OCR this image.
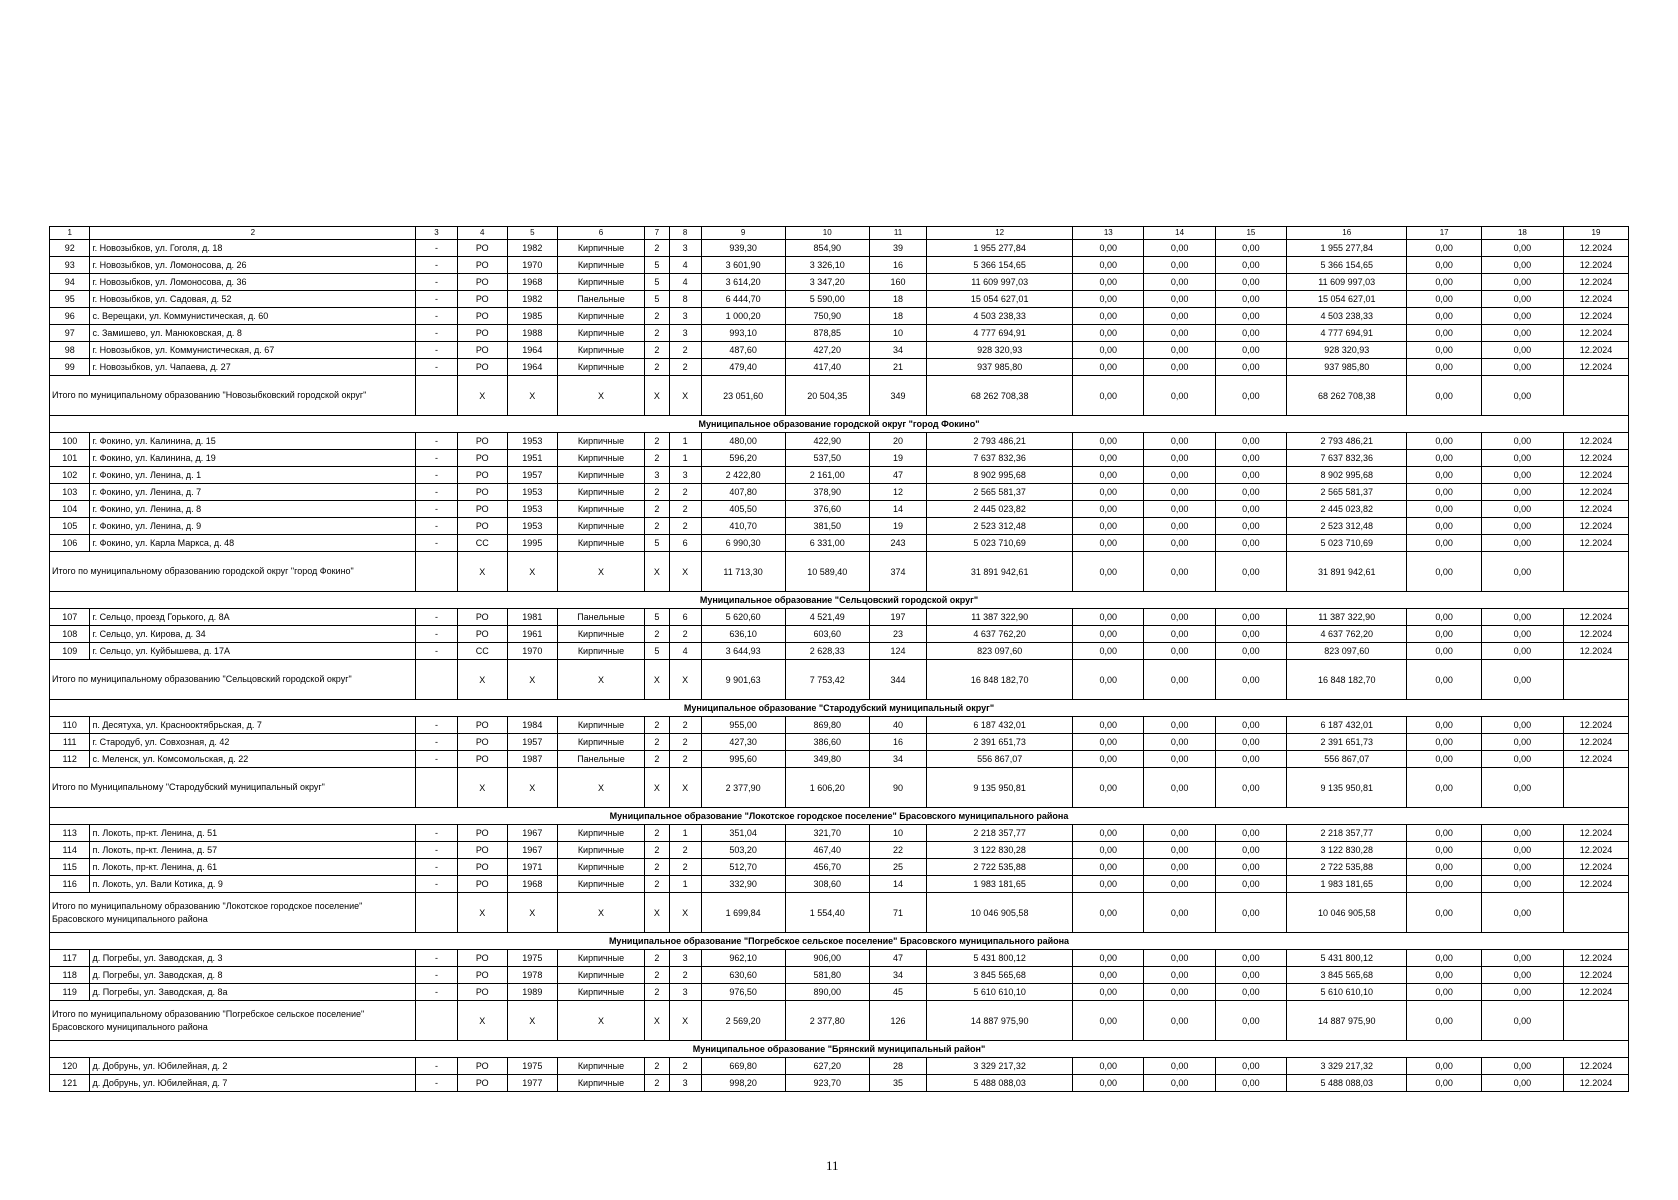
1	2	3	4	5	6	7	8	9	10	11	12	13	14	15	16	17	18	19
92	г. Новозыбков, ул. Гоголя, д. 18	-	РО	1982	Кирпичные	2	3	939,30	854,90	39	1 955 277,84	0,00	0,00	0,00	1 955 277,84	0,00	0,00	12.2024
93	г. Новозыбков, ул. Ломоносова, д. 26	-	РО	1970	Кирпичные	5	4	3 601,90	3 326,10	16	5 366 154,65	0,00	0,00	0,00	5 366 154,65	0,00	0,00	12.2024
94	г. Новозыбков, ул. Ломоносова, д. 36	-	РО	1968	Кирпичные	5	4	3 614,20	3 347,20	160	11 609 997,03	0,00	0,00	0,00	11 609 997,03	0,00	0,00	12.2024
95	г. Новозыбков, ул. Садовая, д. 52	-	РО	1982	Панельные	5	8	6 444,70	5 590,00	18	15 054 627,01	0,00	0,00	0,00	15 054 627,01	0,00	0,00	12.2024
96	с. Верещаки, ул. Коммунистическая, д. 60	-	РО	1985	Кирпичные	2	3	1 000,20	750,90	18	4 503 238,33	0,00	0,00	0,00	4 503 238,33	0,00	0,00	12.2024
97	с. Замишево, ул. Манюковская, д. 8	-	РО	1988	Кирпичные	2	3	993,10	878,85	10	4 777 694,91	0,00	0,00	0,00	4 777 694,91	0,00	0,00	12.2024
98	г. Новозыбков, ул. Коммунистическая, д. 67	-	РО	1964	Кирпичные	2	2	487,60	427,20	34	928 320,93	0,00	0,00	0,00	928 320,93	0,00	0,00	12.2024
99	г. Новозыбков, ул. Чапаева, д. 27	-	РО	1964	Кирпичные	2	2	479,40	417,40	21	937 985,80	0,00	0,00	0,00	937 985,80	0,00	0,00	12.2024
Итого по муниципальному образованию "Новозыбковский городской округ"			X	X	X	X	X	23 051,60	20 504,35	349	68 262 708,38	0,00	0,00	0,00	68 262 708,38	0,00	0,00	
Муниципальное образование городской округ "город Фокино"																		
100	г. Фокино, ул. Калинина, д. 15	-	РО	1953	Кирпичные	2	1	480,00	422,90	20	2 793 486,21	0,00	0,00	0,00	2 793 486,21	0,00	0,00	12.2024
101	г. Фокино, ул. Калинина, д. 19	-	РО	1951	Кирпичные	2	1	596,20	537,50	19	7 637 832,36	0,00	0,00	0,00	7 637 832,36	0,00	0,00	12.2024
102	г. Фокино, ул. Ленина, д. 1	-	РО	1957	Кирпичные	3	3	2 422,80	2 161,00	47	8 902 995,68	0,00	0,00	0,00	8 902 995,68	0,00	0,00	12.2024
103	г. Фокино, ул. Ленина, д. 7	-	РО	1953	Кирпичные	2	2	407,80	378,90	12	2 565 581,37	0,00	0,00	0,00	2 565 581,37	0,00	0,00	12.2024
104	г. Фокино, ул. Ленина, д. 8	-	РО	1953	Кирпичные	2	2	405,50	376,60	14	2 445 023,82	0,00	0,00	0,00	2 445 023,82	0,00	0,00	12.2024
105	г. Фокино, ул. Ленина, д. 9	-	РО	1953	Кирпичные	2	2	410,70	381,50	19	2 523 312,48	0,00	0,00	0,00	2 523 312,48	0,00	0,00	12.2024
106	г. Фокино, ул. Карла Маркса, д. 48	-	СС	1995	Кирпичные	5	6	6 990,30	6 331,00	243	5 023 710,69	0,00	0,00	0,00	5 023 710,69	0,00	0,00	12.2024
Итого по муниципальному образованию городской округ "город Фокино"			X	X	X	X	X	11 713,30	10 589,40	374	31 891 942,61	0,00	0,00	0,00	31 891 942,61	0,00	0,00	
Муниципальное образование "Сельцовский городской округ"																		
107	г. Сельцо, проезд Горького, д. 8А	-	РО	1981	Панельные	5	6	5 620,60	4 521,49	197	11 387 322,90	0,00	0,00	0,00	11 387 322,90	0,00	0,00	12.2024
108	г. Сельцо, ул. Кирова, д. 34	-	РО	1961	Кирпичные	2	2	636,10	603,60	23	4 637 762,20	0,00	0,00	0,00	4 637 762,20	0,00	0,00	12.2024
109	г. Сельцо, ул. Куйбышева, д. 17А	-	СС	1970	Кирпичные	5	4	3 644,93	2 628,33	124	823 097,60	0,00	0,00	0,00	823 097,60	0,00	0,00	12.2024
Итого по муниципальному образованию "Сельцовский городской округ"			X	X	X	X	X	9 901,63	7 753,42	344	16 848 182,70	0,00	0,00	0,00	16 848 182,70	0,00	0,00	
Муниципальное образование "Стародубский муниципальный округ"																		
110	п. Десятуха, ул. Красноoктябрьская, д. 7	-	РО	1984	Кирпичные	2	2	955,00	869,80	40	6 187 432,01	0,00	0,00	0,00	6 187 432,01	0,00	0,00	12.2024
111	г. Стародуб, ул. Совхозная, д. 42	-	РО	1957	Кирпичные	2	2	427,30	386,60	16	2 391 651,73	0,00	0,00	0,00	2 391 651,73	0,00	0,00	12.2024
112	с. Меленск, ул. Комсомольская, д. 22	-	РО	1987	Панельные	2	2	995,60	349,80	34	556 867,07	0,00	0,00	0,00	556 867,07	0,00	0,00	12.2024
Итого по Муниципальному "Стародубский муниципальный округ"			X	X	X	X	X	2 377,90	1 606,20	90	9 135 950,81	0,00	0,00	0,00	9 135 950,81	0,00	0,00	
Муниципальное образование "Локотское городское поселение" Брасовского муниципального района																		
113	п. Локоть, пр-кт. Ленина, д. 51	-	РО	1967	Кирпичные	2	1	351,04	321,70	10	2 218 357,77	0,00	0,00	0,00	2 218 357,77	0,00	0,00	12.2024
114	п. Локоть, пр-кт. Ленина, д. 57	-	РО	1967	Кирпичные	2	2	503,20	467,40	22	3 122 830,28	0,00	0,00	0,00	3 122 830,28	0,00	0,00	12.2024
115	п. Локоть, пр-кт. Ленина, д. 61	-	РО	1971	Кирпичные	2	2	512,70	456,70	25	2 722 535,88	0,00	0,00	0,00	2 722 535,88	0,00	0,00	12.2024
116	п. Локоть, ул. Вали Котика, д. 9	-	РО	1968	Кирпичные	2	1	332,90	308,60	14	1 983 181,65	0,00	0,00	0,00	1 983 181,65	0,00	0,00	12.2024
Итого по муниципальному образованию "Локотское городское поселение" Брасовского муниципального района			X	X	X	X	X	1 699,84	1 554,40	71	10 046 905,58	0,00	0,00	0,00	10 046 905,58	0,00	0,00	
Муниципальное образование "Погребское сельское поселение" Брасовского муниципального района																		
117	д. Погребы, ул. Заводская, д. 3	-	РО	1975	Кирпичные	2	3	962,10	906,00	47	5 431 800,12	0,00	0,00	0,00	5 431 800,12	0,00	0,00	12.2024
118	д. Погребы, ул. Заводская, д. 8	-	РО	1978	Кирпичные	2	2	630,60	581,80	34	3 845 565,68	0,00	0,00	0,00	3 845 565,68	0,00	0,00	12.2024
119	д. Погребы, ул. Заводская, д. 8а	-	РО	1989	Кирпичные	2	3	976,50	890,00	45	5 610 610,10	0,00	0,00	0,00	5 610 610,10	0,00	0,00	12.2024
Итого по муниципальному образованию "Погребское сельское поселение" Брасовского муниципального района			X	X	X	X	X	2 569,20	2 377,80	126	14 887 975,90	0,00	0,00	0,00	14 887 975,90	0,00	0,00	
Муниципальное образование "Брянский муниципальный район"																		
120	д. Добрунь, ул. Юбилейная, д. 2	-	РО	1975	Кирпичные	2	2	669,80	627,20	28	3 329 217,32	0,00	0,00	0,00	3 329 217,32	0,00	0,00	12.2024
121	д. Добрунь, ул. Юбилейная, д. 7	-	РО	1977	Кирпичные	2	3	998,20	923,70	35	5 488 088,03	0,00	0,00	0,00	5 488 088,03	0,00	0,00	12.2024
11
